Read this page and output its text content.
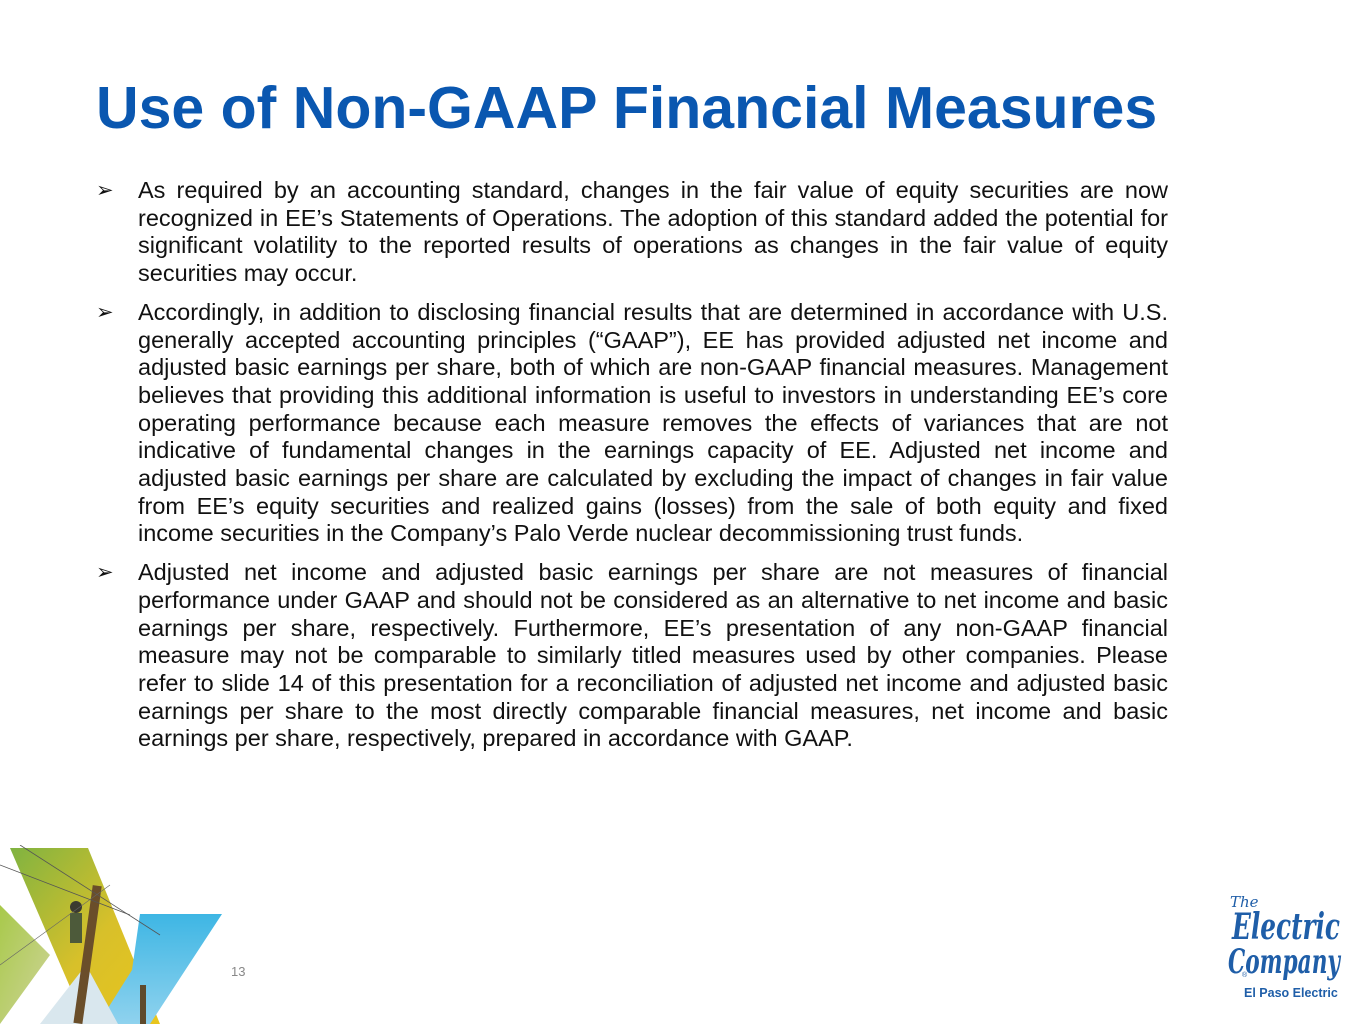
Use of Non-GAAP Financial Measures
➢ As required by an accounting standard, changes in the fair value of equity securities are now recognized in EE’s Statements of Operations. The adoption of this standard added the potential for significant volatility to the reported results of operations as changes in the fair value of equity securities may occur.
➢ Accordingly, in addition to disclosing financial results that are determined in accordance with U.S. generally accepted accounting principles (“GAAP”), EE has provided adjusted net income and adjusted basic earnings per share, both of which are non-GAAP financial measures. Management believes that providing this additional information is useful to investors in understanding EE’s core operating performance because each measure removes the effects of variances that are not indicative of fundamental changes in the earnings capacity of EE. Adjusted net income and adjusted basic earnings per share are calculated by excluding the impact of changes in fair value from EE’s equity securities and realized gains (losses) from the sale of both equity and fixed income securities in the Company’s Palo Verde nuclear decommissioning trust funds.
➢ Adjusted net income and adjusted basic earnings per share are not measures of financial performance under GAAP and should not be considered as an alternative to net income and basic earnings per share, respectively. Furthermore, EE’s presentation of any non-GAAP financial measure may not be comparable to similarly titled measures used by other companies. Please refer to slide 14 of this presentation for a reconciliation of adjusted net income and adjusted basic earnings per share to the most directly comparable financial measures, net income and basic earnings per share, respectively, prepared in accordance with GAAP.
13
The
Electric
Company
®
El Paso Electric
